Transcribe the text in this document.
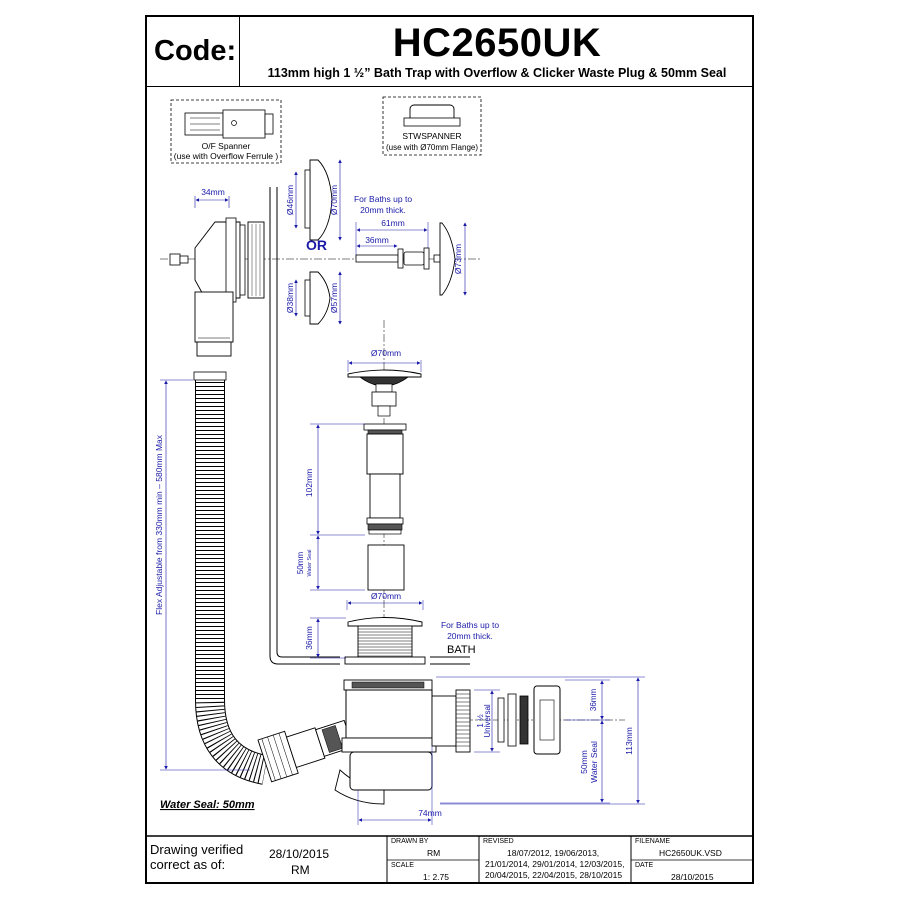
Code:	HC2650UK
113mm high 1 ½” Bath Trap with Overflow & Clicker Waste Plug & 50mm Seal
O/F Spanner
(use with Overflow Ferrule )
STWSPANNER
(use with Ø70mm Flange)
BATH
34mm	Ø46mm	Ø70mm
OR
Ø38mm	Ø57mm
For Baths up to
20mm thick.
61mm
36mm
Ø73mm
Ø70mm
102mm
50mm Water Seal
Ø70mm
36mm
For Baths up to
20mm thick.
Flex Adjustable from 330mm min – 580mm Max
74mm
1 ½
Universal
36mm
50mm Water Seal
113mm
Water Seal: 50mm
Drawing verified
correct as of:
28/10/2015
RM
DRAWN BY
RM
SCALE
1: 2.75
REVISED
18/07/2012, 19/06/2013,
21/01/2014, 29/01/2014, 12/03/2015,
20/04/2015, 22/04/2015, 28/10/2015
FILENAME
HC2650UK.VSD
DATE
28/10/2015
